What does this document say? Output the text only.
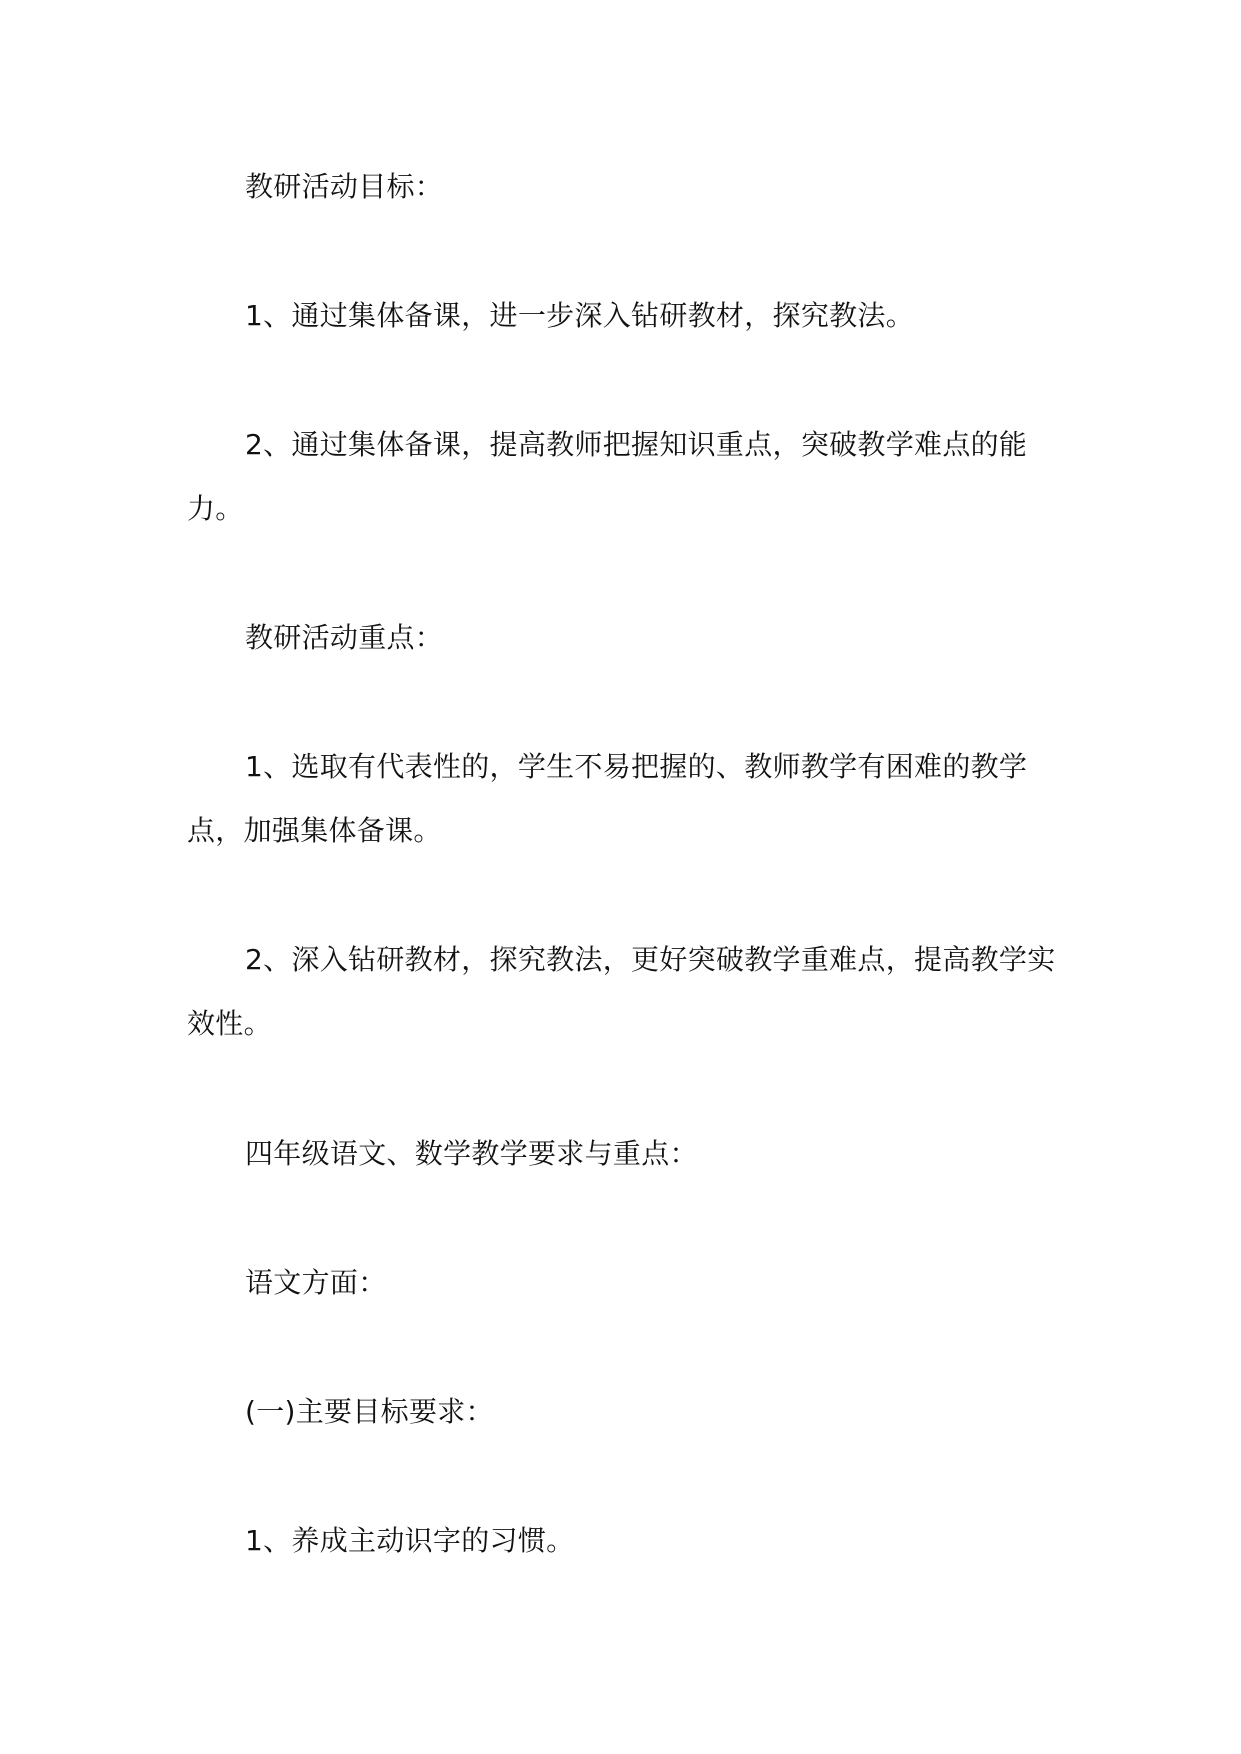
教研活动目标：

1、通过集体备课，进一步深入钻研教材，探究教法。

2、通过集体备课，提高教师把握知识重点，突破教学难点的能力。

教研活动重点：

1、选取有代表性的，学生不易把握的、教师教学有困难的教学点，加强集体备课。

2、深入钻研教材，探究教法，更好突破教学重难点，提高教学实效性。

四年级语文、数学教学要求与重点：

语文方面：

(一)主要目标要求：

1、养成主动识字的习惯。
